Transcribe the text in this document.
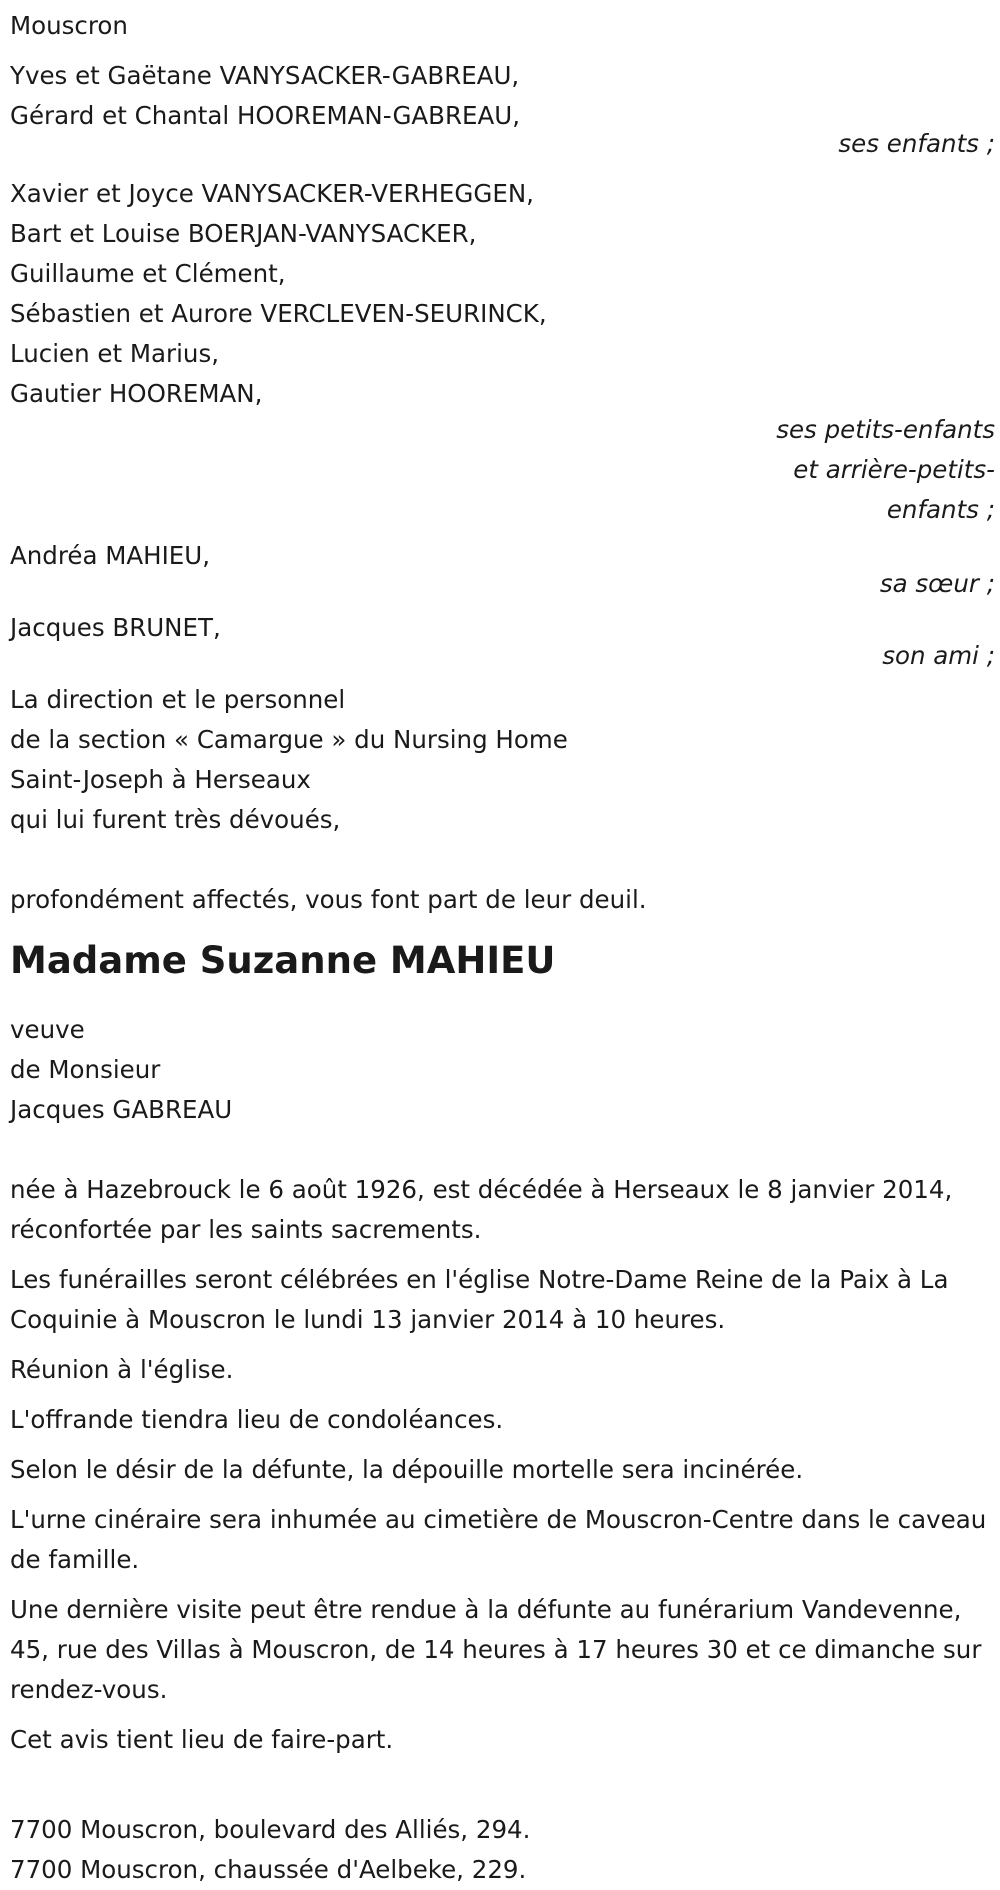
Mouscron
Yves et Gaëtane VANYSACKER-GABREAU,
Gérard et Chantal HOOREMAN-GABREAU,
ses enfants ;
Xavier et Joyce VANYSACKER-VERHEGGEN,
Bart et Louise BOERJAN-VANYSACKER,
Guillaume et Clément,
Sébastien et Aurore VERCLEVEN-SEURINCK,
Lucien et Marius,
Gautier HOOREMAN,
ses petits-enfants
et arrière-petits-
enfants ;
Andréa MAHIEU,
sa sœur ;
Jacques BRUNET,
son ami ;
La direction et le personnel
de la section « Camargue » du Nursing Home
Saint-Joseph à Herseaux
qui lui furent très dévoués,
profondément affectés, vous font part de leur deuil.
Madame Suzanne MAHIEU
veuve
de Monsieur
Jacques GABREAU
née à Hazebrouck le 6 août 1926, est décédée à Herseaux le 8 janvier 2014, réconfortée par les saints sacrements.
Les funérailles seront célébrées en l'église Notre-Dame Reine de la Paix à La Coquinie à Mouscron le lundi 13 janvier 2014 à 10 heures.
Réunion à l'église.
L'offrande tiendra lieu de condoléances.
Selon le désir de la défunte, la dépouille mortelle sera incinérée.
L'urne cinéraire sera inhumée au cimetière de Mouscron-Centre dans le caveau de famille.
Une dernière visite peut être rendue à la défunte au funérarium Vandevenne, 45, rue des Villas à Mouscron, de 14 heures à 17 heures 30 et ce dimanche sur rendez-vous.
Cet avis tient lieu de faire-part.
7700 Mouscron, boulevard des Alliés, 294.
7700 Mouscron, chaussée d'Aelbeke, 229.
